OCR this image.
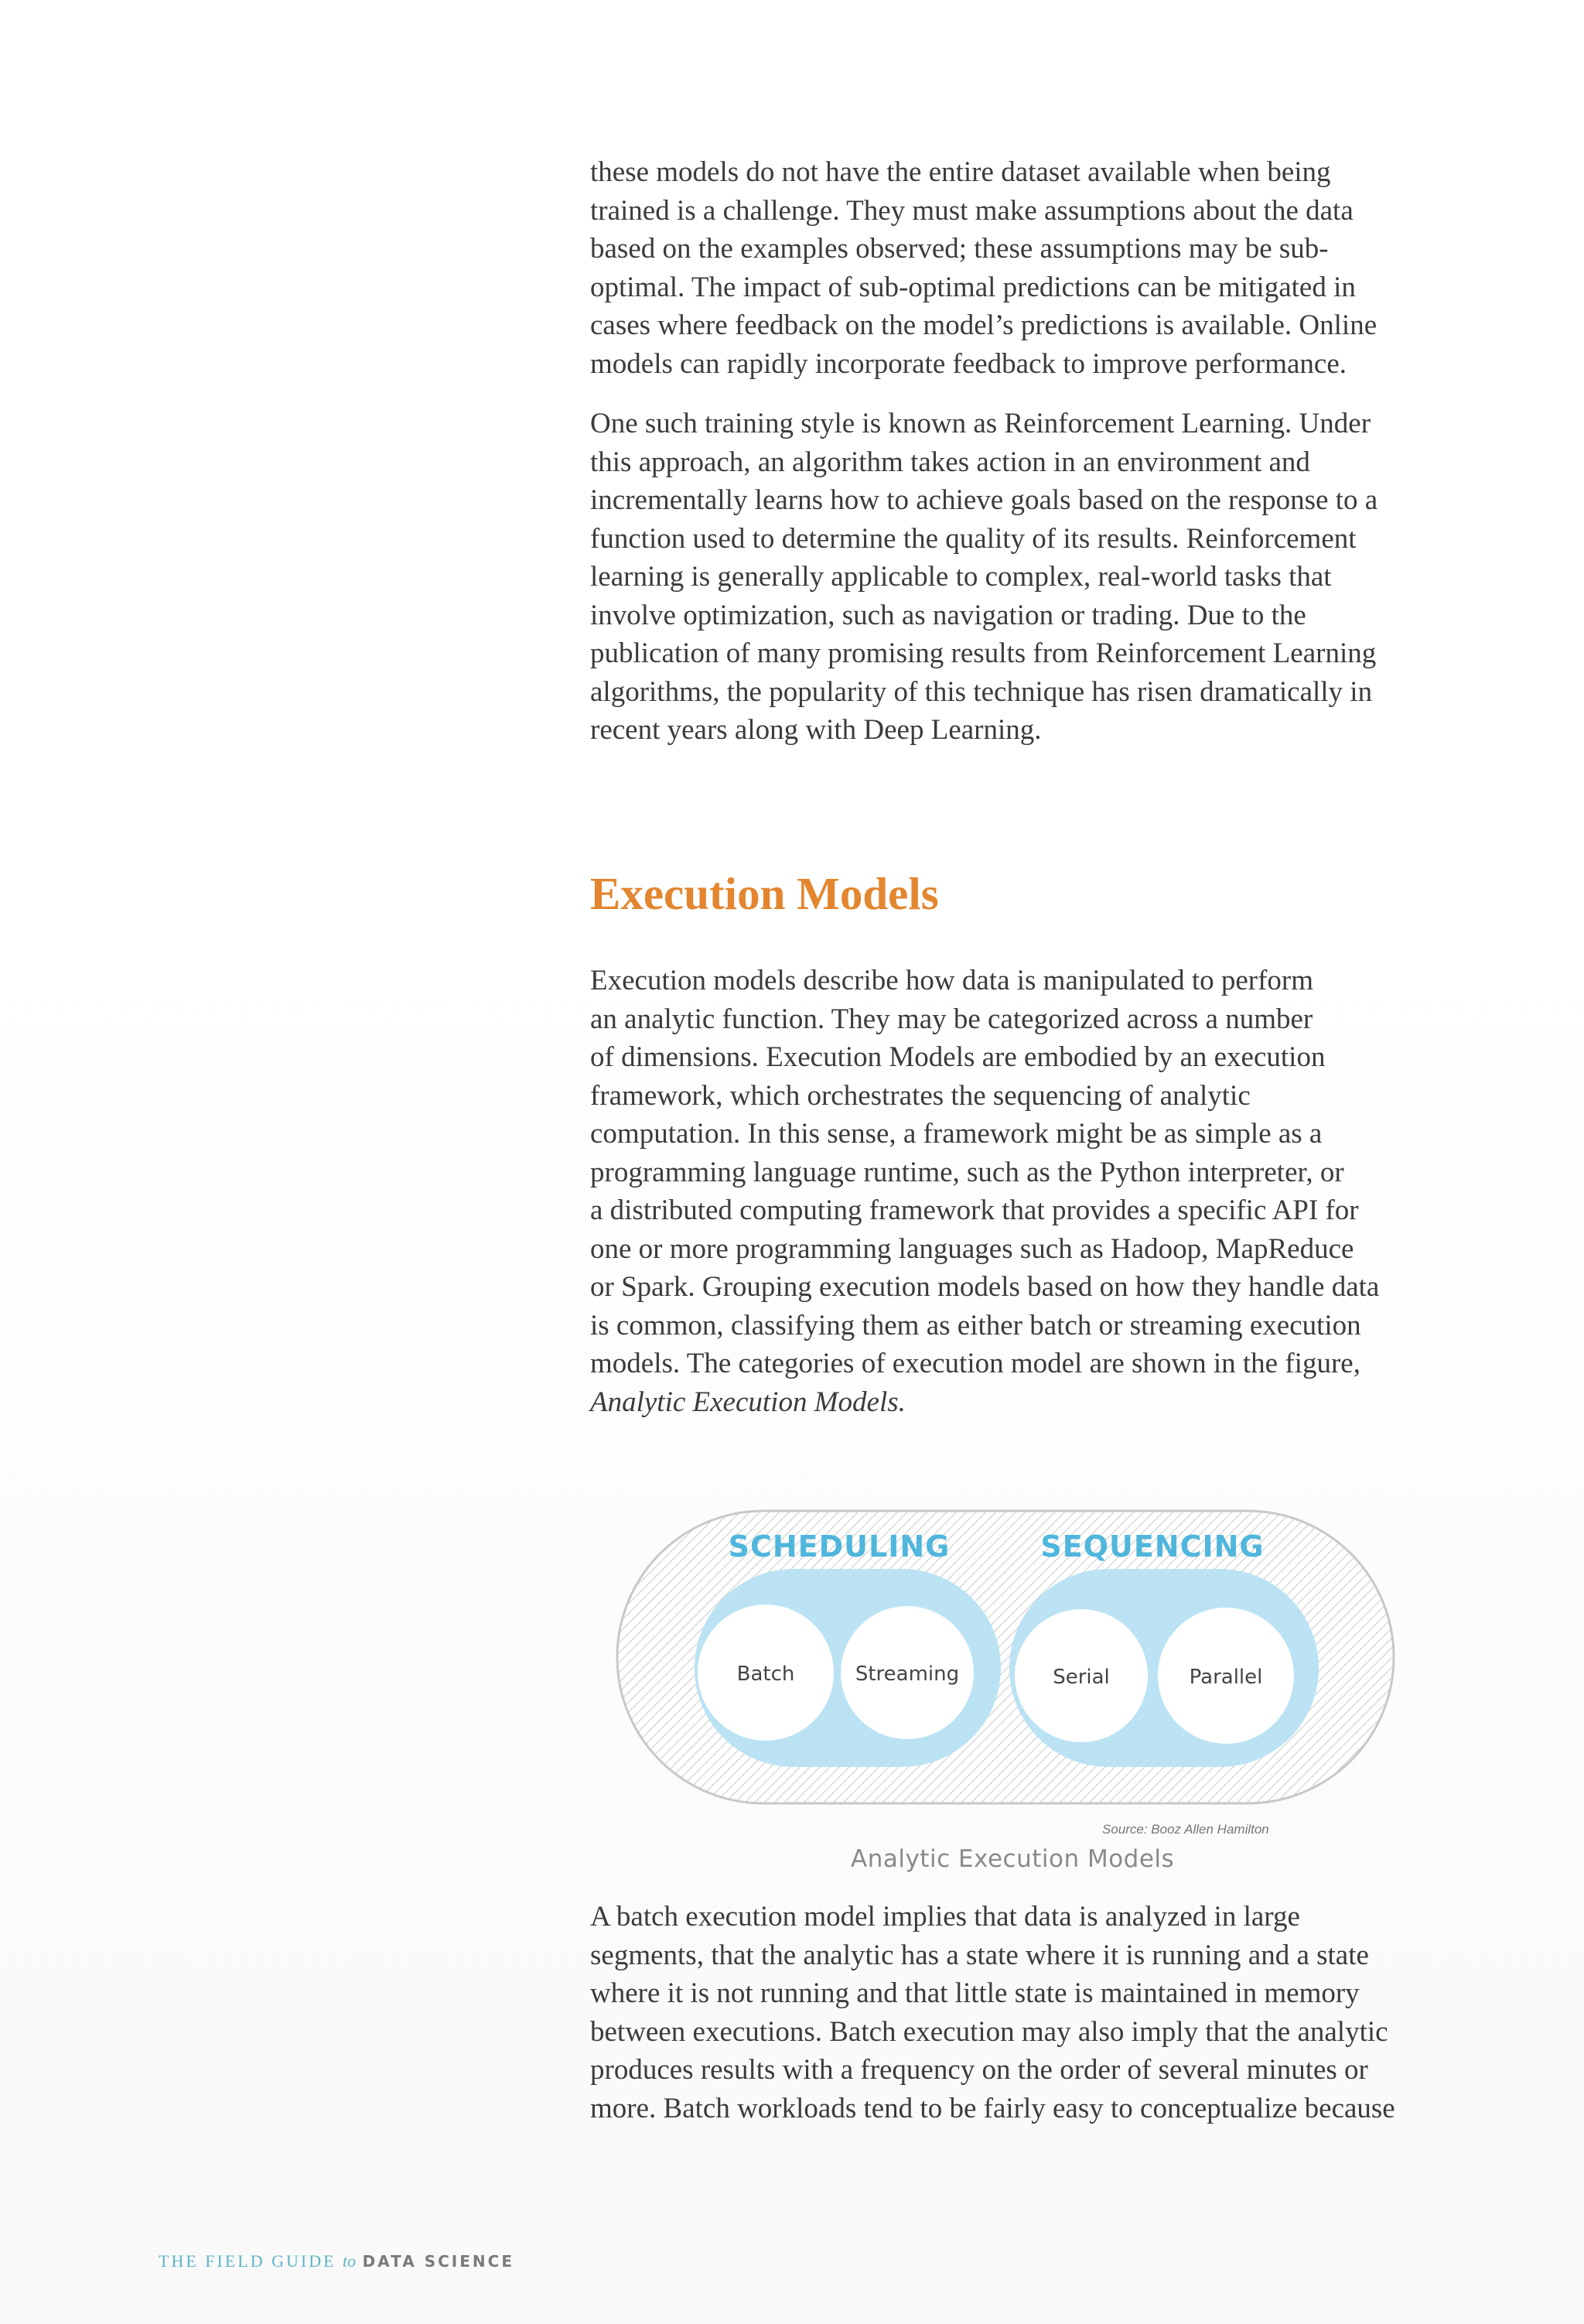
these models do not have the entire dataset available when being
trained is a challenge. They must make assumptions about the data
based on the examples observed; these assumptions may be sub-
optimal. The impact of sub-optimal predictions can be mitigated in
cases where feedback on the model’s predictions is available. Online
models can rapidly incorporate feedback to improve performance.
One such training style is known as Reinforcement Learning. Under
this approach, an algorithm takes action in an environment and
incrementally learns how to achieve goals based on the response to a
function used to determine the quality of its results. Reinforcement
learning is generally applicable to complex, real-world tasks that
involve optimization, such as navigation or trading. Due to the
publication of many promising results from Reinforcement Learning
algorithms, the popularity of this technique has risen dramatically in
recent years along with Deep Learning.
Execution Models
Execution models describe how data is manipulated to perform
an analytic function. They may be categorized across a number
of dimensions. Execution Models are embodied by an execution
framework, which orchestrates the sequencing of analytic
computation. In this sense, a framework might be as simple as a
programming language runtime, such as the Python interpreter, or
a distributed computing framework that provides a specific API for
one or more programming languages such as Hadoop, MapReduce
or Spark. Grouping execution models based on how they handle data
is common, classifying them as either batch or streaming execution
models. The categories of execution model are shown in the figure,
Analytic Execution Models.
SCHEDULING	SEQUENCING
Batch	Streaming	Serial	Parallel
Source: Booz Allen Hamilton
Analytic Execution Models
A batch execution model implies that data is analyzed in large
segments, that the analytic has a state where it is running and a state
where it is not running and that little state is maintained in memory
between executions. Batch execution may also imply that the analytic
produces results with a frequency on the order of several minutes or
more. Batch workloads tend to be fairly easy to conceptualize because
THE FIELD GUIDE to DATA SCIENCE
